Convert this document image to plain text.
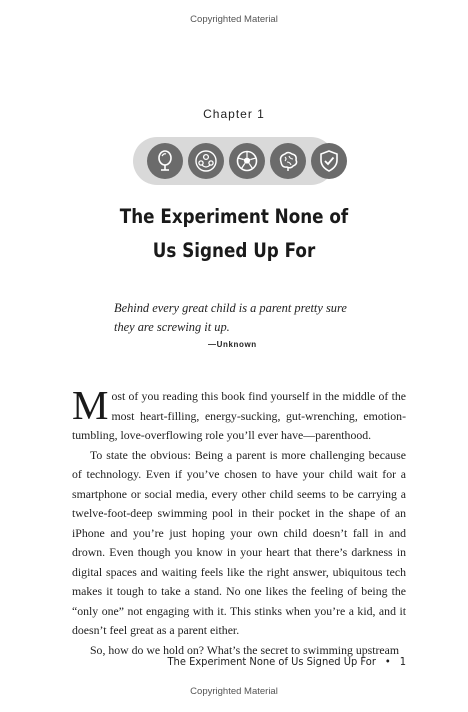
Copyrighted Material
Chapter 1
The Experiment None of
Us Signed Up For
Behind every great child is a parent pretty sure they are screwing it up.
—Unknown

Most of you reading this book find yourself in the middle of the most heart-filling, energy-sucking, gut-wrenching, emotion-tumbling, love-overflowing role you’ll ever have—parenthood.

To state the obvious: Being a parent is more challenging because of technology. Even if you’ve chosen to have your child wait for a smartphone or social media, every other child seems to be carrying a twelve-foot-deep swimming pool in their pocket in the shape of an iPhone and you’re just hoping your own child doesn’t fall in and drown. Even though you know in your heart that there’s darkness in digital spaces and waiting feels like the right answer, ubiquitous tech makes it tough to take a stand. No one likes the feeling of being the “only one” not engaging with it. This stinks when you’re a kid, and it doesn’t feel great as a parent either.

So, how do we hold on? What’s the secret to swimming upstream

The Experiment None of Us Signed Up For • 1
Copyrighted Material
